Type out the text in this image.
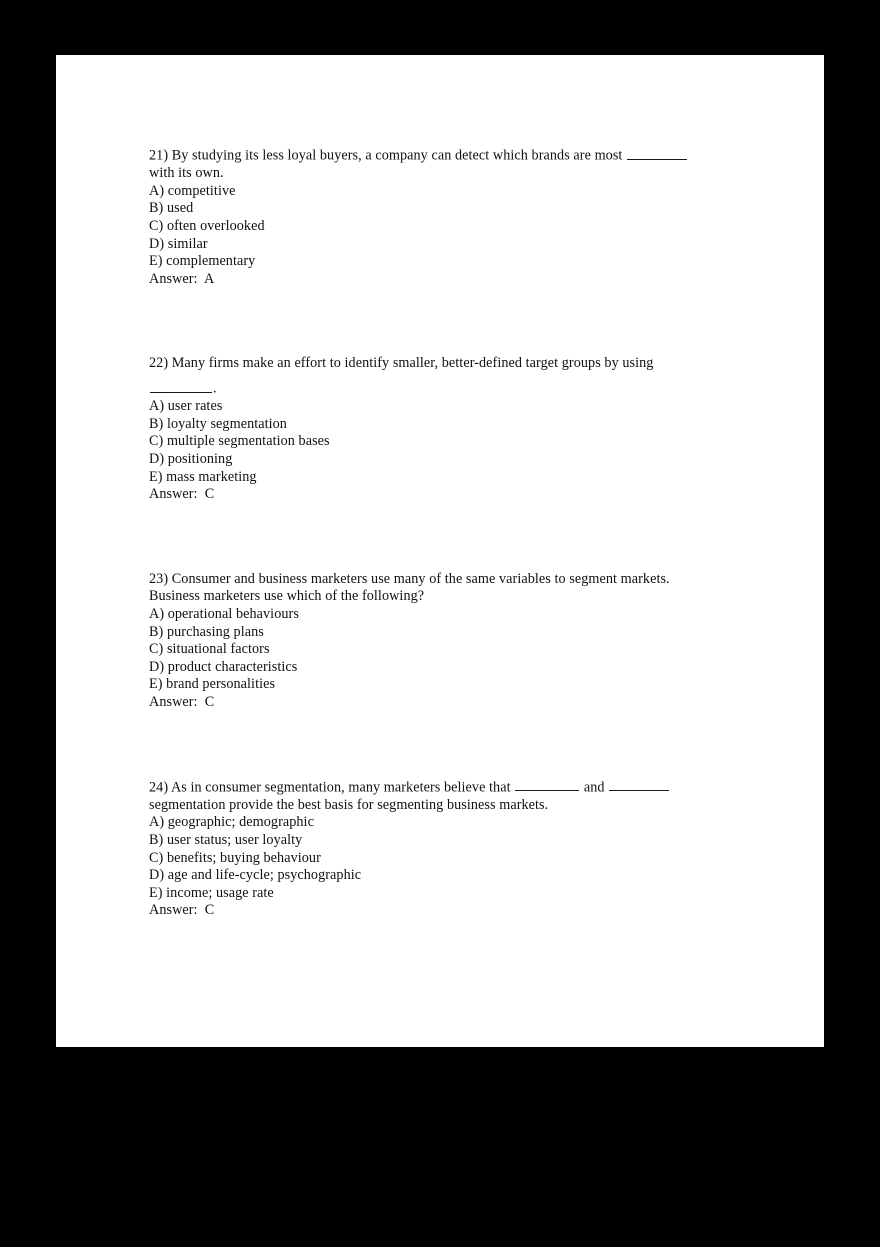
21) By studying its less loyal buyers, a company can detect which brands are most
with its own.
A) competitive
B) used
C) often overlooked
D) similar
E) complementary
Answer:  A
22) Many firms make an effort to identify smaller, better-defined target groups by using
.
A) user rates
B) loyalty segmentation
C) multiple segmentation bases
D) positioning
E) mass marketing
Answer:  C
23) Consumer and business marketers use many of the same variables to segment markets.
Business marketers use which of the following?
A) operational behaviours
B) purchasing plans
C) situational factors
D) product characteristics
E) brand personalities
Answer:  C
24) As in consumer segmentation, many marketers believe that	and
segmentation provide the best basis for segmenting business markets.
A) geographic; demographic
B) user status; user loyalty
C) benefits; buying behaviour
D) age and life-cycle; psychographic
E) income; usage rate
Answer:  C
